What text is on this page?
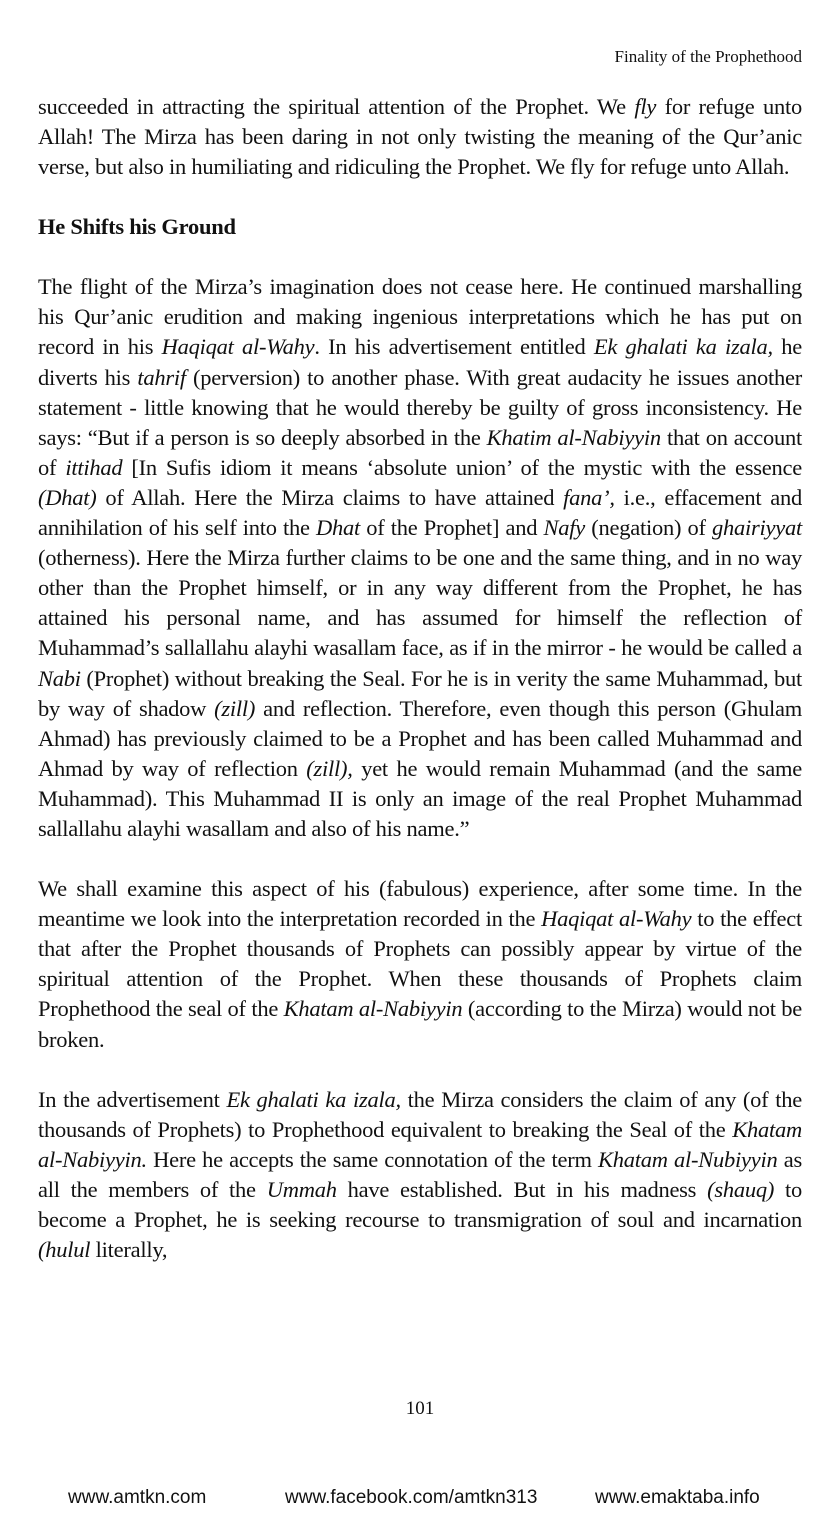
Finality of the Prophethood

succeeded in attracting the spiritual attention of the Prophet. We fly for refuge unto Allah! The Mirza has been daring in not only twisting the meaning of the Qur’anic verse, but also in humiliating and ridiculing the Prophet. We fly for refuge unto Allah.

He Shifts his Ground

The flight of the Mirza’s imagination does not cease here. He continued marshalling his Qur’anic erudition and making ingenious interpretations which he has put on record in his Haqiqat al-Wahy. In his advertisement entitled Ek ghalati ka izala, he diverts his tahrif (perversion) to another phase. With great audacity he issues another statement - little knowing that he would thereby be guilty of gross inconsistency. He says: “But if a person is so deeply absorbed in the Khatim al-Nabiyyin that on account of ittihad [In Sufis idiom it means ‘absolute union’ of the mystic with the essence (Dhat) of Allah. Here the Mirza claims to have attained fana’, i.e., effacement and annihilation of his self into the Dhat of the Prophet] and Nafy (negation) of ghairiyyat (otherness). Here the Mirza further claims to be one and the same thing, and in no way other than the Prophet himself, or in any way different from the Prophet, he has attained his personal name, and has assumed for himself the reflection of Muhammad’s sallallahu alayhi wasallam face, as if in the mirror - he would be called a Nabi (Prophet) without breaking the Seal. For he is in verity the same Muhammad, but by way of shadow (zill) and reflection. Therefore, even though this person (Ghulam Ahmad) has previously claimed to be a Prophet and has been called Muhammad and Ahmad by way of reflection (zill), yet he would remain Muhammad (and the same Muhammad). This Muhammad II is only an image of the real Prophet Muhammad sallallahu alayhi wasallam and also of his name.”

We shall examine this aspect of his (fabulous) experience, after some time. In the meantime we look into the interpretation recorded in the Haqiqat al-Wahy to the effect that after the Prophet thousands of Prophets can possibly appear by virtue of the spiritual attention of the Prophet. When these thousands of Prophets claim Prophethood the seal of the Khatam al-Nabiyyin (according to the Mirza) would not be broken.

In the advertisement Ek ghalati ka izala, the Mirza considers the claim of any (of the thousands of Prophets) to Prophethood equivalent to breaking the Seal of the Khatam al-Nabiyyin. Here he accepts the same connotation of the term Khatam al-Nubiyyin as all the members of the Ummah have established. But in his madness (shauq) to become a Prophet, he is seeking recourse to transmigration of soul and incarnation (hulul literally,

101
www.amtkn.com	www.facebook.com/amtkn313	www.emaktaba.info
